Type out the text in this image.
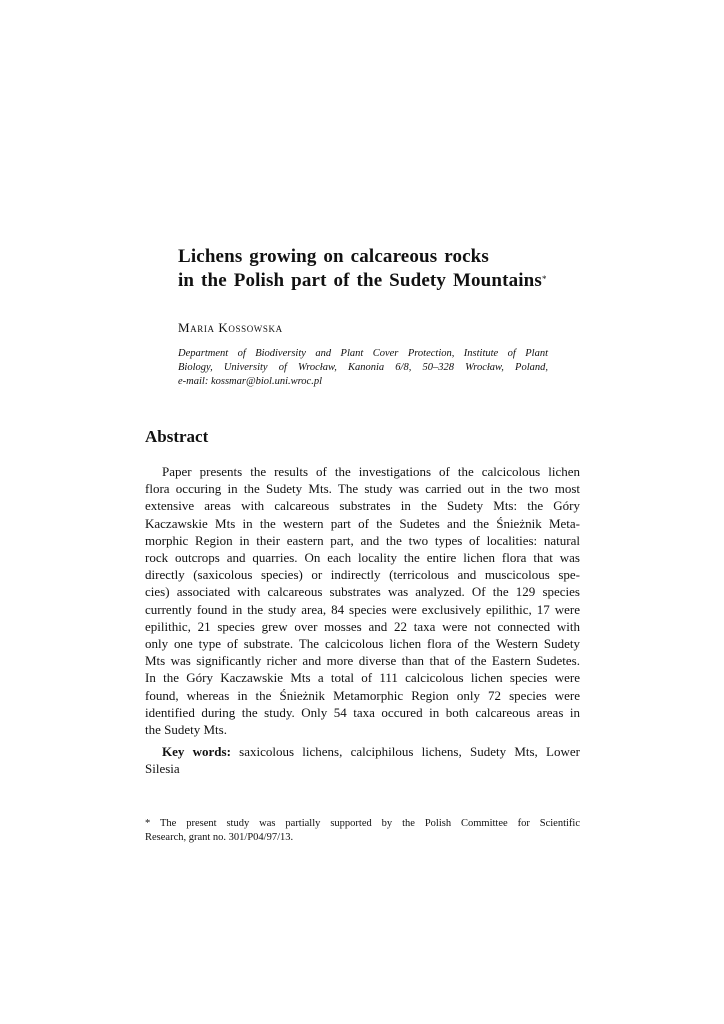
Lichens growing on calcareous rocks
in the Polish part of the Sudety Mountains*
Maria Kossowska
Department of Biodiversity and Plant Cover Protection, Institute of Plant
Biology, University of Wrocław, Kanonia 6/8, 50–328 Wrocław, Poland,
e-mail: kossmar@biol.uni.wroc.pl
Abstract
Paper presents the results of the investigations of the calcicolous lichen
flora occuring in the Sudety Mts. The study was carried out in the two most
extensive areas with calcareous substrates in the Sudety Mts: the Góry
Kaczawskie Mts in the western part of the Sudetes and the Śnieżnik Meta-
morphic Region in their eastern part, and the two types of localities: natural
rock outcrops and quarries. On each locality the entire lichen flora that was
directly (saxicolous species) or indirectly (terricolous and muscicolous spe-
cies) associated with calcareous substrates was analyzed. Of the 129 species
currently found in the study area, 84 species were exclusively epilithic, 17 were
epilithic, 21 species grew over mosses and 22 taxa were not connected with
only one type of substrate. The calcicolous lichen flora of the Western Sudety
Mts was significantly richer and more diverse than that of the Eastern Sudetes.
In the Góry Kaczawskie Mts a total of 111 calcicolous lichen species were
found, whereas in the Śnieżnik Metamorphic Region only 72 species were
identified during the study. Only 54 taxa occured in both calcareous areas in
the Sudety Mts.
Key words: saxicolous lichens, calciphilous lichens, Sudety Mts, Lower
Silesia
* The present study was partially supported by the Polish Committee for Scientific
Research, grant no. 301/P04/97/13.
